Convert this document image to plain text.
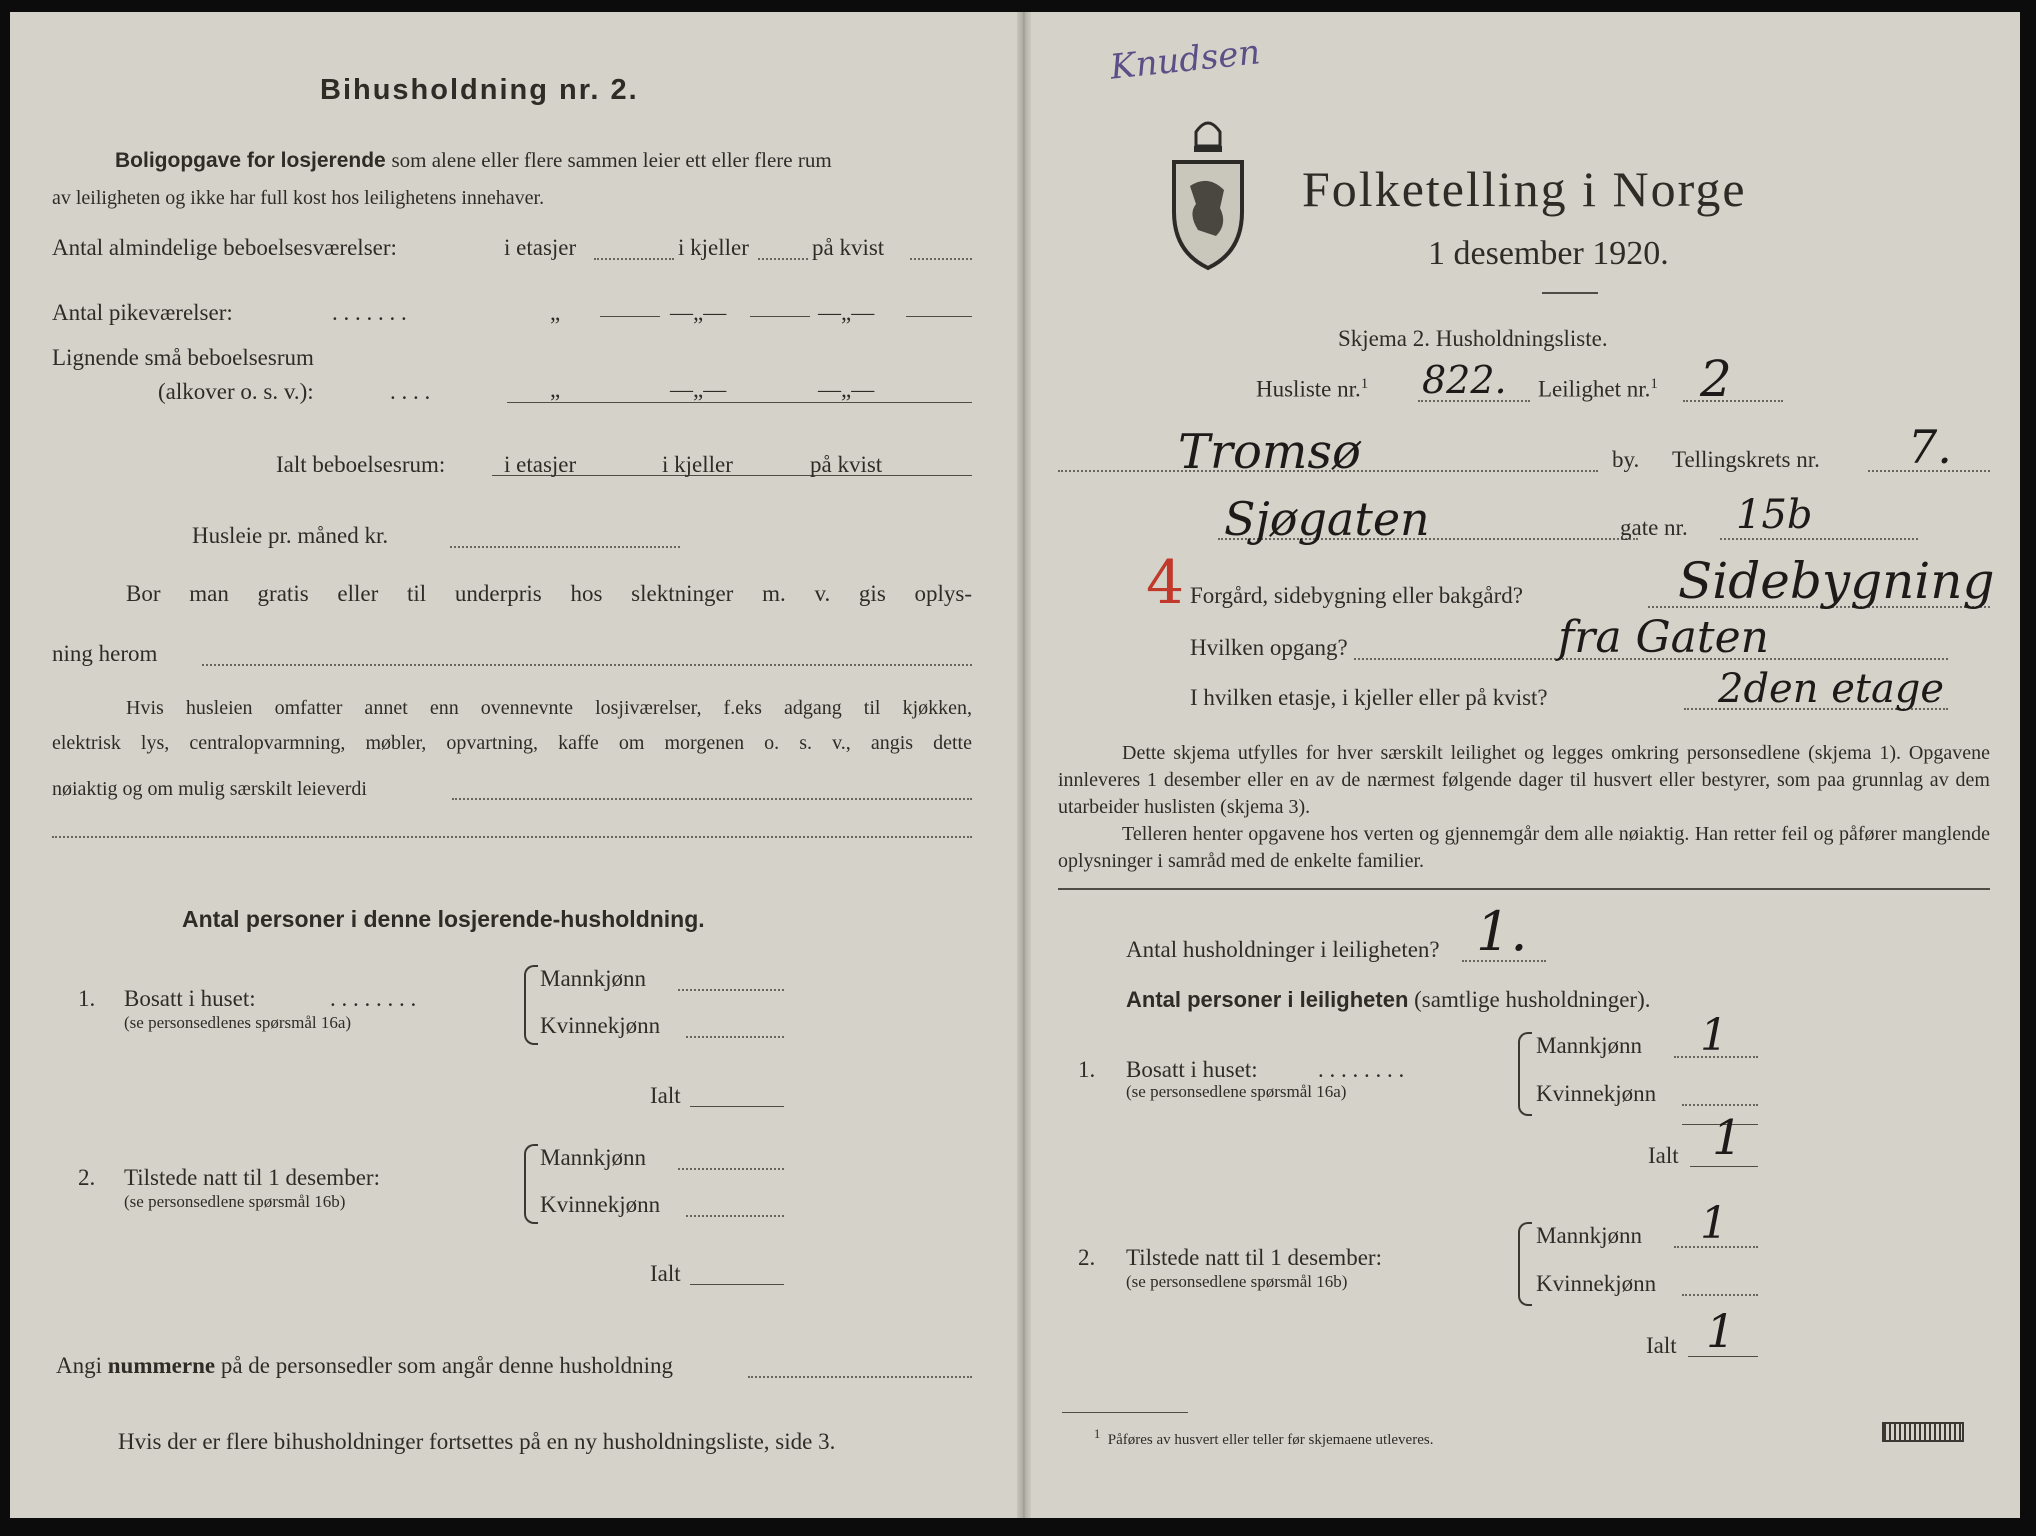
Bihusholdning nr. 2.
Boligopgave for losjerende som alene eller flere sammen leier ett eller flere rum
av leiligheten og ikke har full kost hos leilighetens innehaver.
Antal almindelige beboelsesværelser:	i etasjer	i kjeller	på kvist
Antal pikeværelser:	. . . . . . .	„	—„—	—„—
Lignende små beboelsesrum
(alkover o. s. v.):	. . . .	„	—„—	—„—
Ialt beboelsesrum:	i etasjer	i kjeller	på kvist
Husleie pr. måned kr.
Bor man gratis eller til underpris hos slektninger m. v. gis oplys-
ning herom
Hvis husleien omfatter annet enn ovennevnte losjiværelser, f.eks adgang til kjøkken,
elektrisk lys, centralopvarmning, møbler, opvartning, kaffe om morgenen o. s. v., angis dette
nøiaktig og om mulig særskilt leieverdi
Antal personer i denne losjerende-husholdning.
1. Bosatt i huset:	. . . . . . . .
(se personsedlenes spørsmål 16a)
Mannkjønn
Kvinnekjønn
Ialt
2. Tilstede natt til 1 desember:
(se personsedlene spørsmål 16b)
Mannkjønn
Kvinnekjønn
Ialt
Angi nummerne på de personsedler som angår denne husholdning
Hvis der er flere bihusholdninger fortsettes på en ny husholdningsliste, side 3.
Knudsen
Folketelling i Norge
1 desember 1920.
Skjema 2. Husholdningsliste.
Husliste nr.$^1$ 822. Leilighet nr.$^1$ 2
Tromsø	by. Tellingskrets nr. 7.
Sjøgaten	gate nr. 15b
4 Forgård, sidebygning eller bakgård?	Sidebygning
Hvilken opgang?	fra Gaten
I hvilken etasje, i kjeller eller på kvist?	2den etage
Dette skjema utfylles for hver særskilt leilighet og legges omkring personsedlene (skjema 1). Opgavene innleveres 1 desember eller en av de nærmest følgende dager til husvert eller bestyrer, som paa grunnlag av dem utarbeider huslisten (skjema 3).
Telleren henter opgavene hos verten og gjennemgår dem alle nøiaktig. Han retter feil og påfører manglende oplysninger i samråd med de enkelte familier.
Antal husholdninger i leiligheten? 1.
Antal personer i leiligheten (samtlige husholdninger).
1. Bosatt i huset:	. . . . . . . .
(se personsedlene spørsmål 16a)
Mannkjønn 1
Kvinnekjønn
Ialt 1
2. Tilstede natt til 1 desember:
(se personsedlene spørsmål 16b)
Mannkjønn 1
Kvinnekjønn
Ialt 1
$^1$ Påføres av husvert eller teller før skjemaene utleveres.
